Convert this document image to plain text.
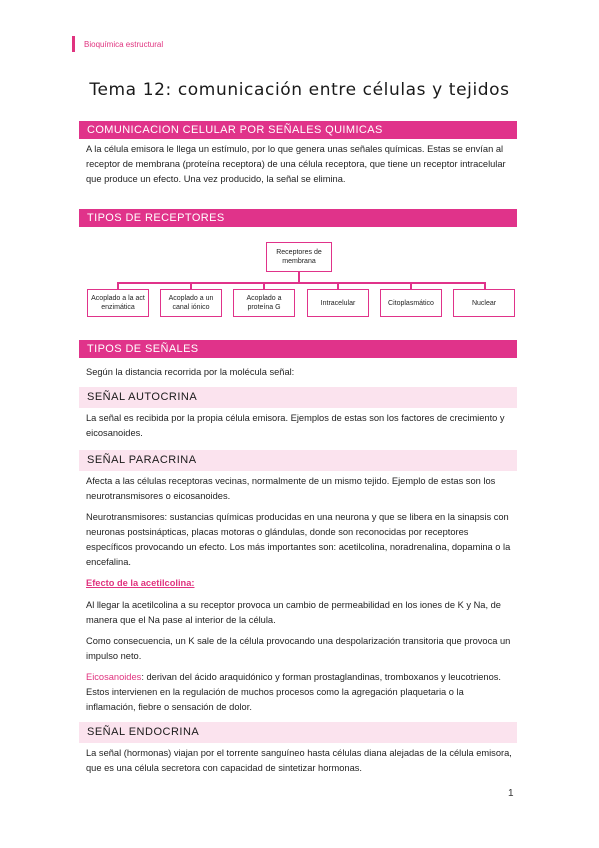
Bioquímica estructural
Tema 12: comunicación entre células y tejidos
COMUNICACION CELULAR POR SEÑALES QUIMICAS
A la célula emisora le llega un estímulo, por lo que genera unas señales químicas. Estas se envían al receptor de membrana (proteína receptora) de una célula receptora, que tiene un receptor intracelular que produce un efecto. Una vez producido, la señal se elimina.
TIPOS DE RECEPTORES
Receptores de membrana
Acoplado a la act enzimática
Acoplado a un canal iónico
Acoplado a proteína G
Intracelular	Citoplasmático	Nuclear
TIPOS DE SEÑALES
Según la distancia recorrida por la molécula señal:
SEÑAL AUTOCRINA
La señal es recibida por la propia célula emisora. Ejemplos de estas son los factores de crecimiento y eicosanoides.
SEÑAL PARACRINA
Afecta a las células receptoras vecinas, normalmente de un mismo tejido. Ejemplo de estas son los neurotransmisores o eicosanoides.
Neurotransmisores: sustancias químicas producidas en una neurona y que se libera en la sinapsis con neuronas postsinápticas, placas motoras o glándulas, donde son reconocidas por receptores específicos provocando un efecto. Los más importantes son: acetilcolina, noradrenalina, dopamina o la encefalina.
Efecto de la acetilcolina:
Al llegar la acetilcolina a su receptor provoca un cambio de permeabilidad en los iones de K y Na, de manera que el Na pase al interior de la célula.
Como consecuencia, un K sale de la célula provocando una despolarización transitoria que provoca un impulso neto.
Eicosanoides: derivan del ácido araquidónico y forman prostaglandinas, tromboxanos y leucotrienos. Estos intervienen en la regulación de muchos procesos como la agregación plaquetaria o la inflamación, fiebre o sensación de dolor.
SEÑAL ENDOCRINA
La señal (hormonas) viajan por el torrente sanguíneo hasta células diana alejadas de la célula emisora, que es una célula secretora con capacidad de sintetizar hormonas.
1
